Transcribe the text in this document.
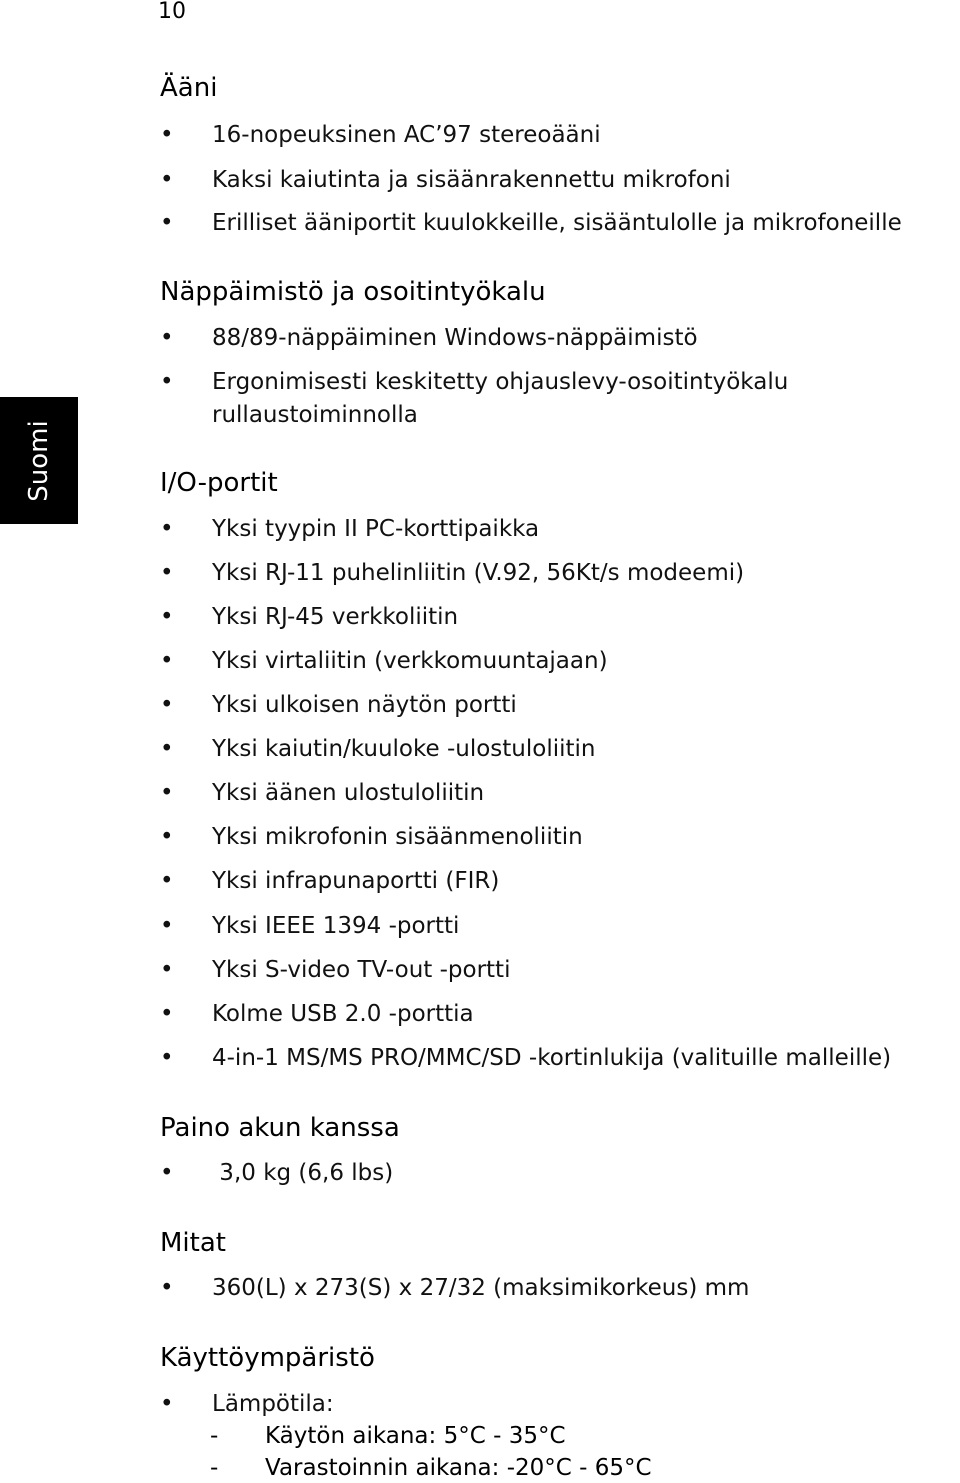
10
Suomi
Ääni
• 16-nopeuksinen AC’97 stereoääni
• Kaksi kaiutinta ja sisäänrakennettu mikrofoni
• Erilliset ääniportit kuulokkeille, sisääntulolle ja mikrofoneille
Näppäimistö ja osoitintyökalu
• 88/89-näppäiminen Windows-näppäimistö
• Ergonimisesti keskitetty ohjauslevy-osoitintyökalu
rullaustoiminnolla
I/O-portit
• Yksi tyypin II PC-korttipaikka
• Yksi RJ-11 puhelinliitin (V.92, 56Kt/s modeemi)
• Yksi RJ-45 verkkoliitin
• Yksi virtaliitin (verkkomuuntajaan)
• Yksi ulkoisen näytön portti
• Yksi kaiutin/kuuloke -ulostuloliitin
• Yksi äänen ulostuloliitin
• Yksi mikrofonin sisäänmenoliitin
• Yksi infrapunaportti (FIR)
• Yksi IEEE 1394 -portti
• Yksi S-video TV-out -portti
• Kolme USB 2.0 -porttia
• 4-in-1 MS/MS PRO/MMC/SD -kortinlukija (valituille malleille)
Paino akun kanssa
• 3,0 kg (6,6 lbs)
Mitat
• 360(L) x 273(S) x 27/32 (maksimikorkeus) mm
Käyttöympäristö
• Lämpötila:
- Käytön aikana: 5°C - 35°C
- Varastoinnin aikana: -20°C - 65°C
